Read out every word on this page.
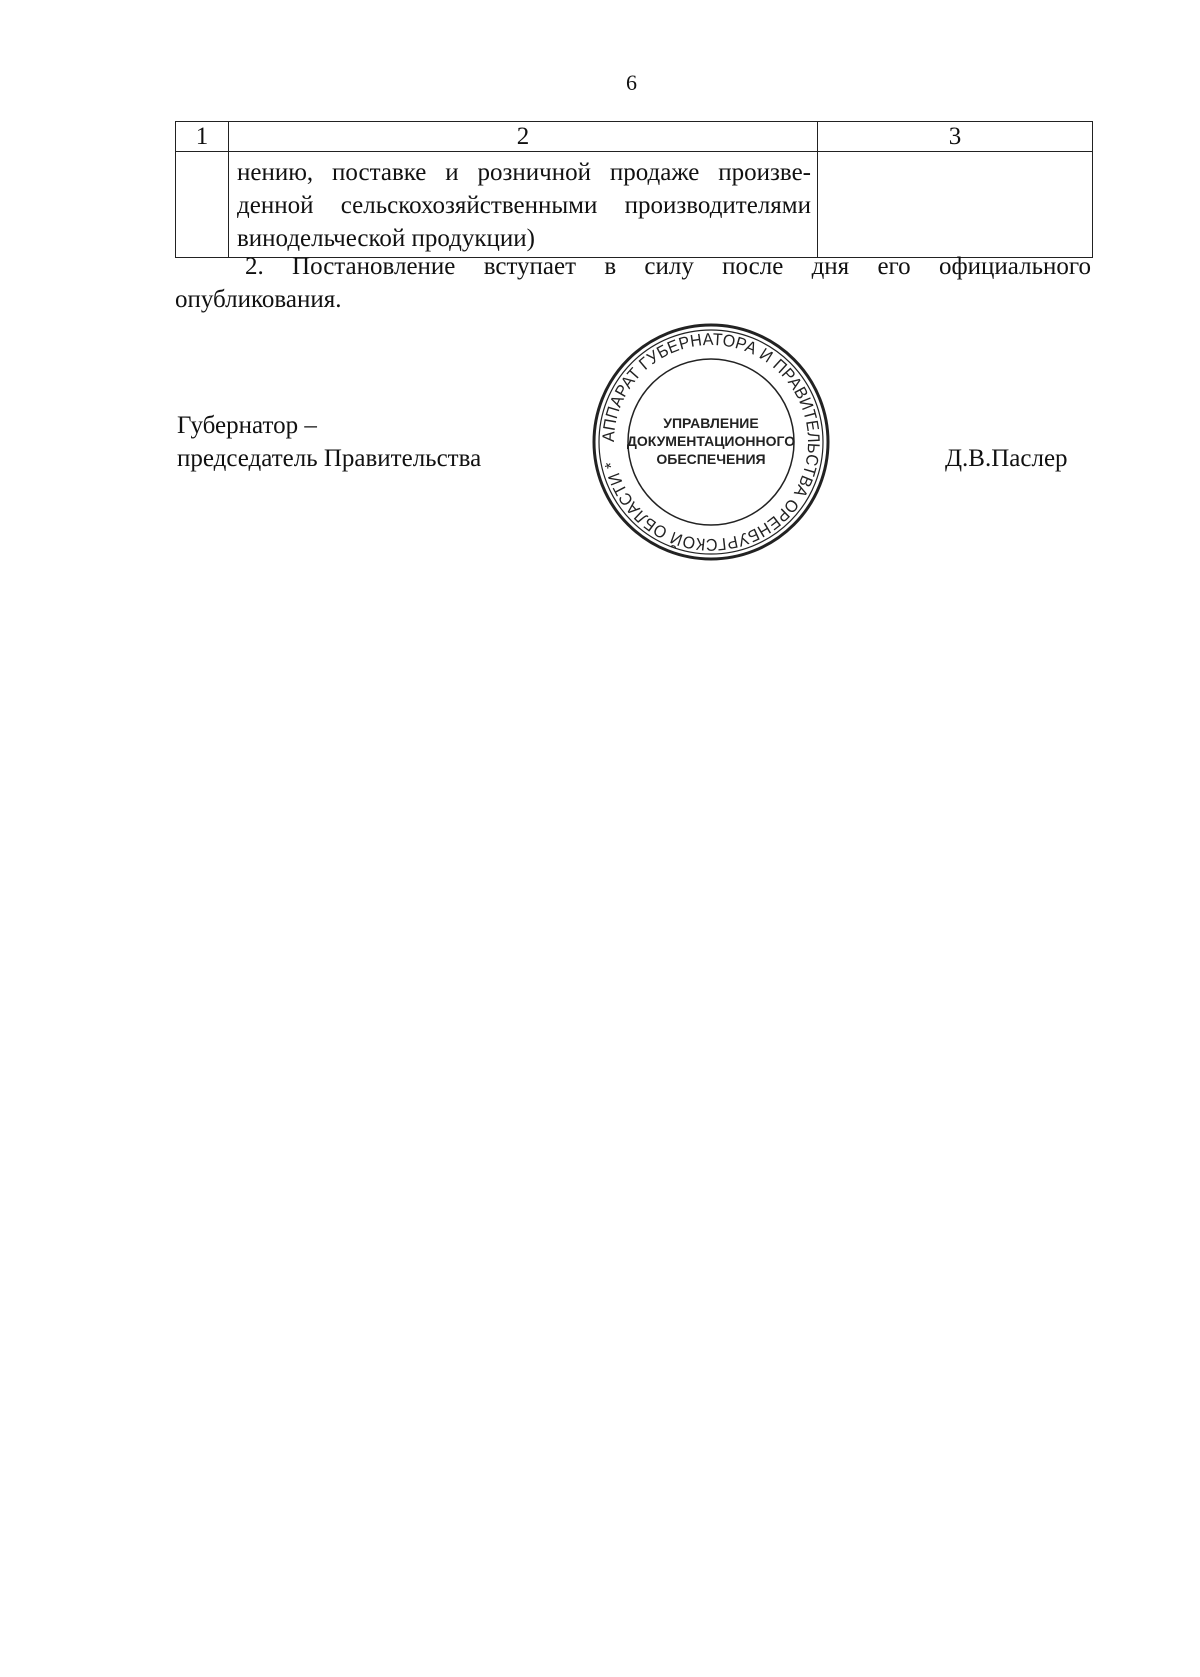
6
1	2	3

	нению, поставке и розничной продаже произве-
денной сельскохозяйственными производителями
винодельческой продукции)	

2. Постановление вступает в силу после дня его официального
опубликования.
Губернатор –
председатель Правительства	Д.В.Паслер
АППАРАТ ГУБЕРНАТОРА И ПРАВИТЕЛЬСТВА ОРЕНБУРГСКОЙ ОБЛАСТИ *
УПРАВЛЕНИЕ
ДОКУМЕНТАЦИОННОГО
ОБЕСПЕЧЕНИЯ
